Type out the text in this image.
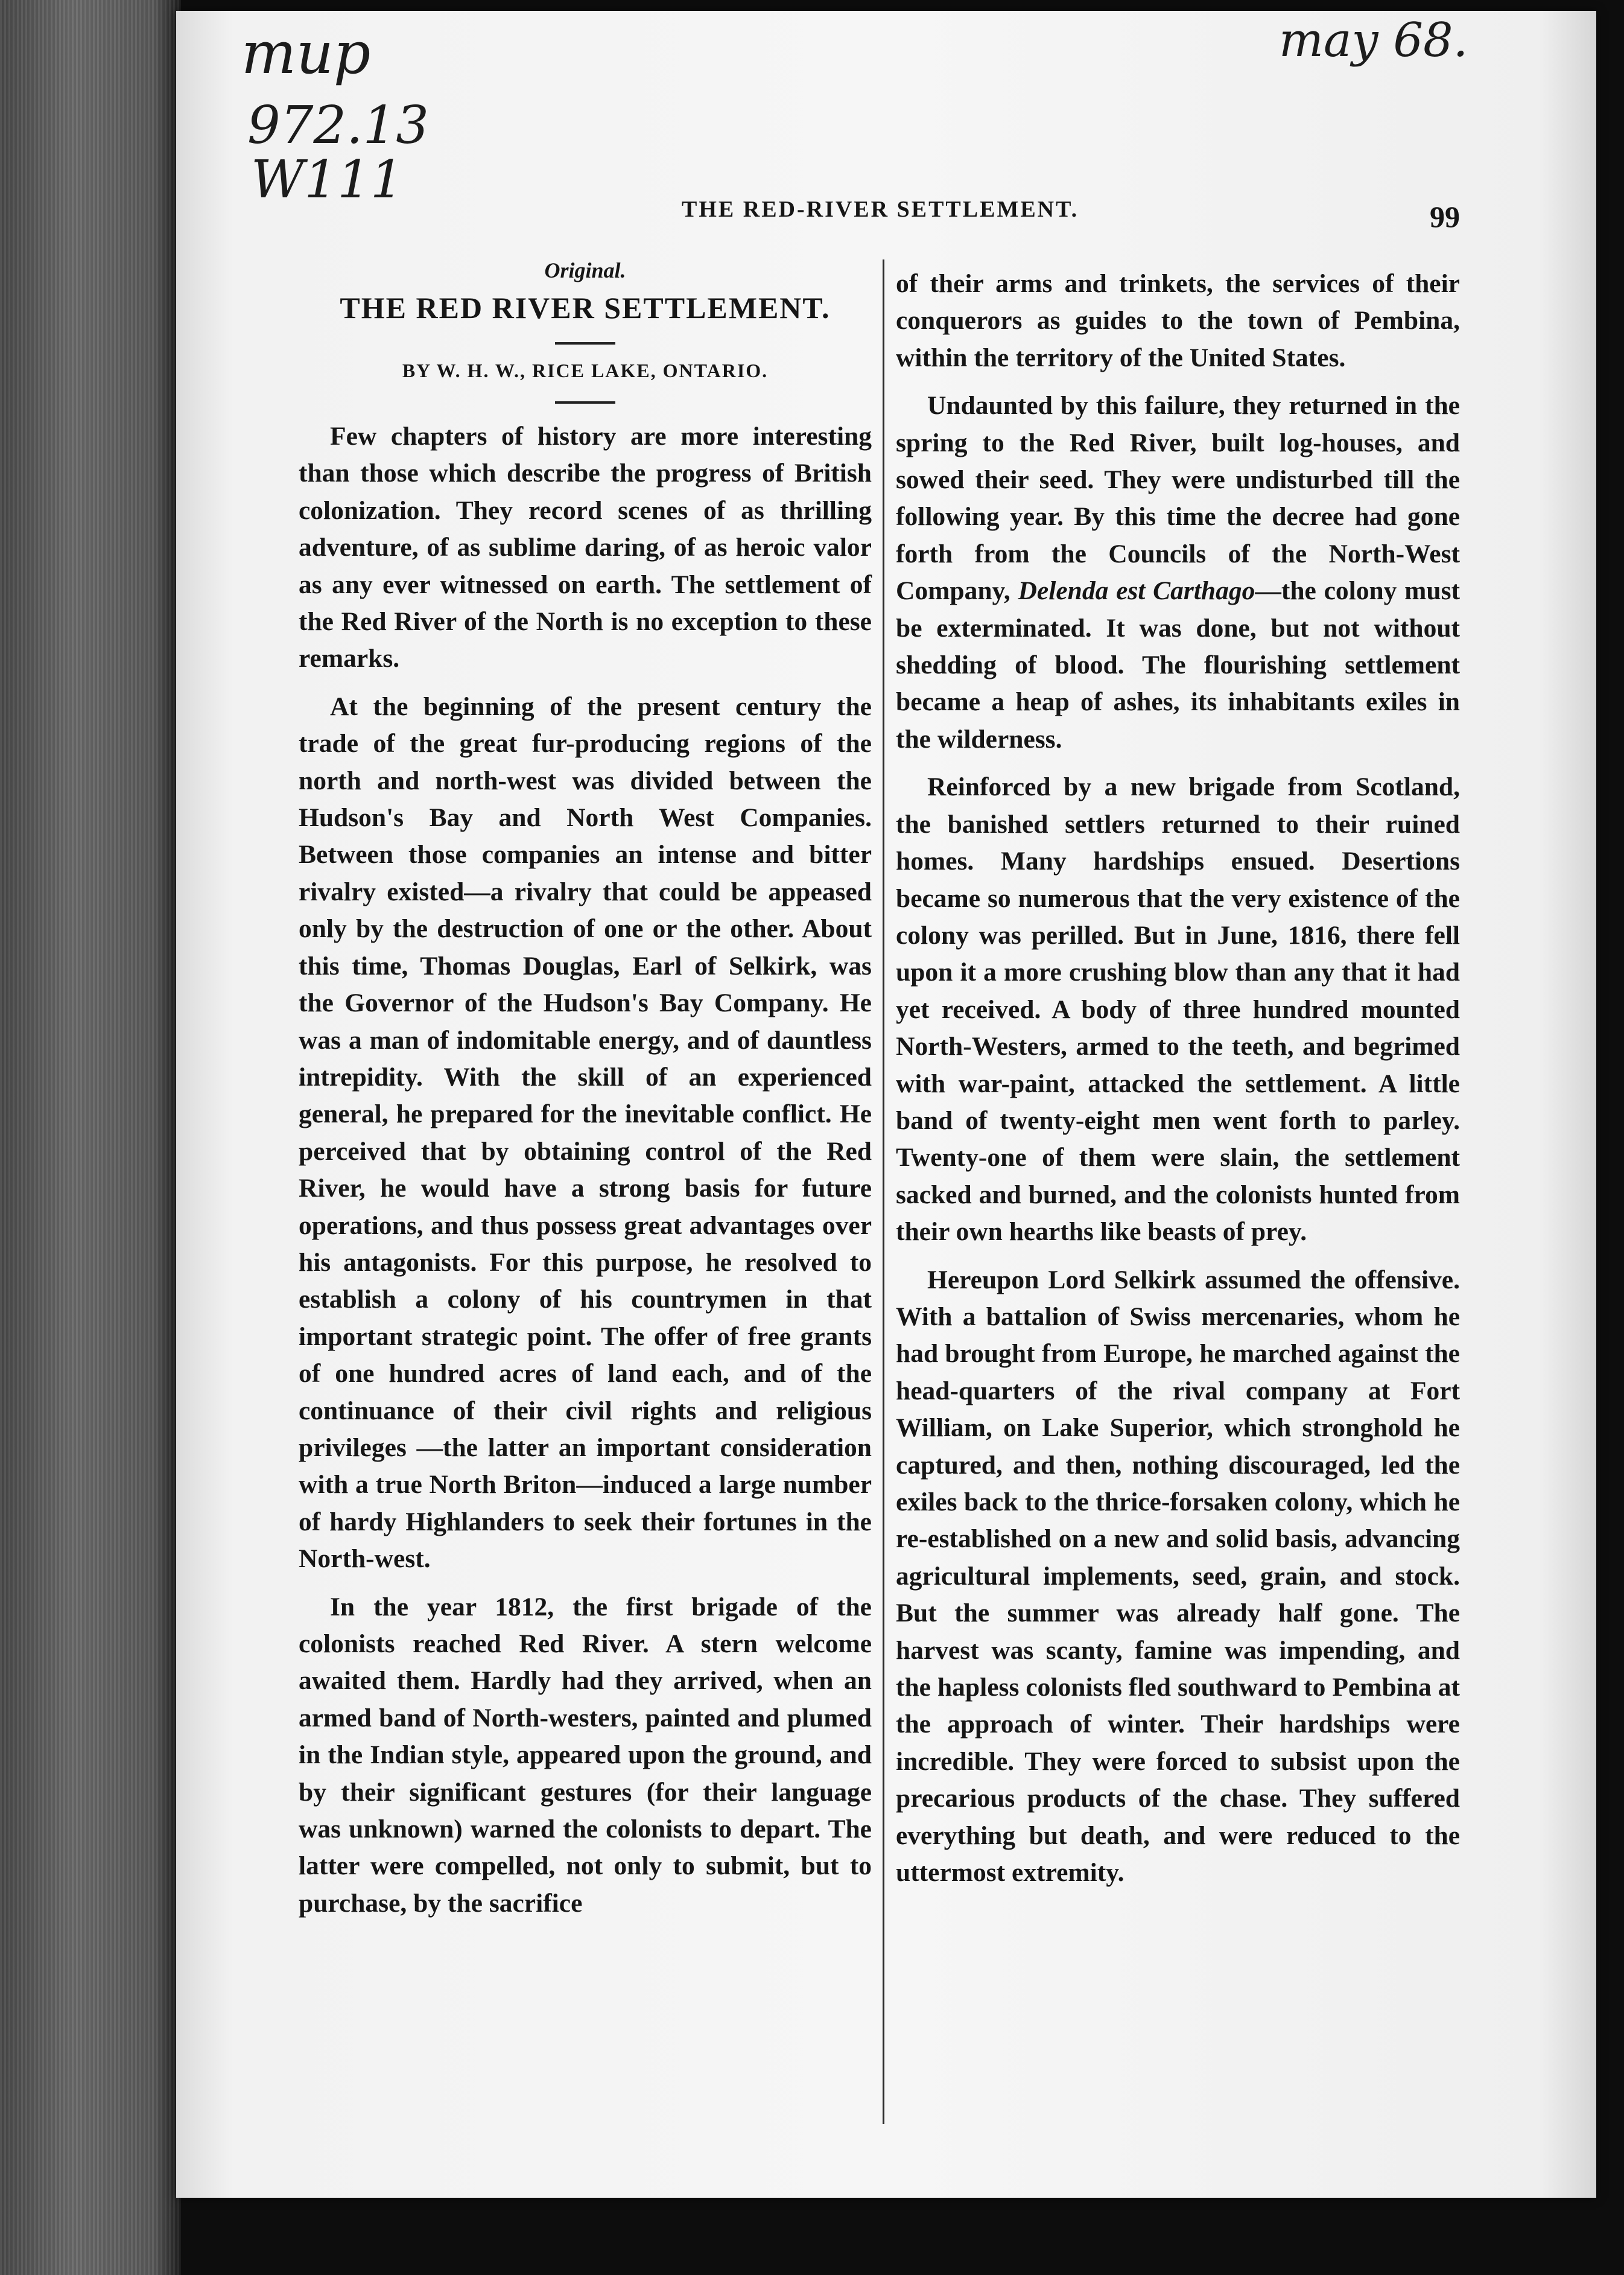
mup
972.13
W111
may 68.
THE RED-RIVER SETTLEMENT.	99

Original.

THE RED RIVER SETTLEMENT.

BY W. H. W., RICE LAKE, ONTARIO.

Few chapters of history are more interesting than those which describe the progress of British colonization. They record scenes of as thrilling adventure, of as sublime daring, of as heroic valor as any ever witnessed on earth. The settlement of the Red River of the North is no exception to these remarks.

At the beginning of the present century the trade of the great fur-producing regions of the north and north-west was divided between the Hudson's Bay and North West Companies. Between those companies an intense and bitter rivalry existed—a rivalry that could be appeased only by the destruction of one or the other. About this time, Thomas Douglas, Earl of Selkirk, was the Governor of the Hudson's Bay Company. He was a man of indomitable energy, and of dauntless intrepidity. With the skill of an experienced general, he prepared for the inevitable conflict. He perceived that by obtaining control of the Red River, he would have a strong basis for future operations, and thus possess great advantages over his antagonists. For this purpose, he resolved to establish a colony of his countrymen in that important strategic point. The offer of free grants of one hundred acres of land each, and of the continuance of their civil rights and religious privileges —the latter an important consideration with a true North Briton—induced a large number of hardy Highlanders to seek their fortunes in the North-west.

In the year 1812, the first brigade of the colonists reached Red River. A stern welcome awaited them. Hardly had they arrived, when an armed band of North-westers, painted and plumed in the Indian style, appeared upon the ground, and by their significant gestures (for their language was unknown) warned the colonists to depart. The latter were compelled, not only to submit, but to purchase, by the sacrifice

of their arms and trinkets, the services of their conquerors as guides to the town of Pembina, within the territory of the United States.

Undaunted by this failure, they returned in the spring to the Red River, built log-houses, and sowed their seed. They were undisturbed till the following year. By this time the decree had gone forth from the Councils of the North-West Company, Delenda est Carthago—the colony must be exterminated. It was done, but not without shedding of blood. The flourishing settlement became a heap of ashes, its inhabitants exiles in the wilderness.

Reinforced by a new brigade from Scotland, the banished settlers returned to their ruined homes. Many hardships ensued. Desertions became so numerous that the very existence of the colony was perilled. But in June, 1816, there fell upon it a more crushing blow than any that it had yet received. A body of three hundred mounted North-Westers, armed to the teeth, and begrimed with war-paint, attacked the settlement. A little band of twenty-eight men went forth to parley. Twenty-one of them were slain, the settlement sacked and burned, and the colonists hunted from their own hearths like beasts of prey.

Hereupon Lord Selkirk assumed the offensive. With a battalion of Swiss mercenaries, whom he had brought from Europe, he marched against the head-quarters of the rival company at Fort William, on Lake Superior, which stronghold he captured, and then, nothing discouraged, led the exiles back to the thrice-forsaken colony, which he re-established on a new and solid basis, advancing agricultural implements, seed, grain, and stock. But the summer was already half gone. The harvest was scanty, famine was impending, and the hapless colonists fled southward to Pembina at the approach of winter. Their hardships were incredible. They were forced to subsist upon the precarious products of the chase. They suffered everything but death, and were reduced to the uttermost extremity.
